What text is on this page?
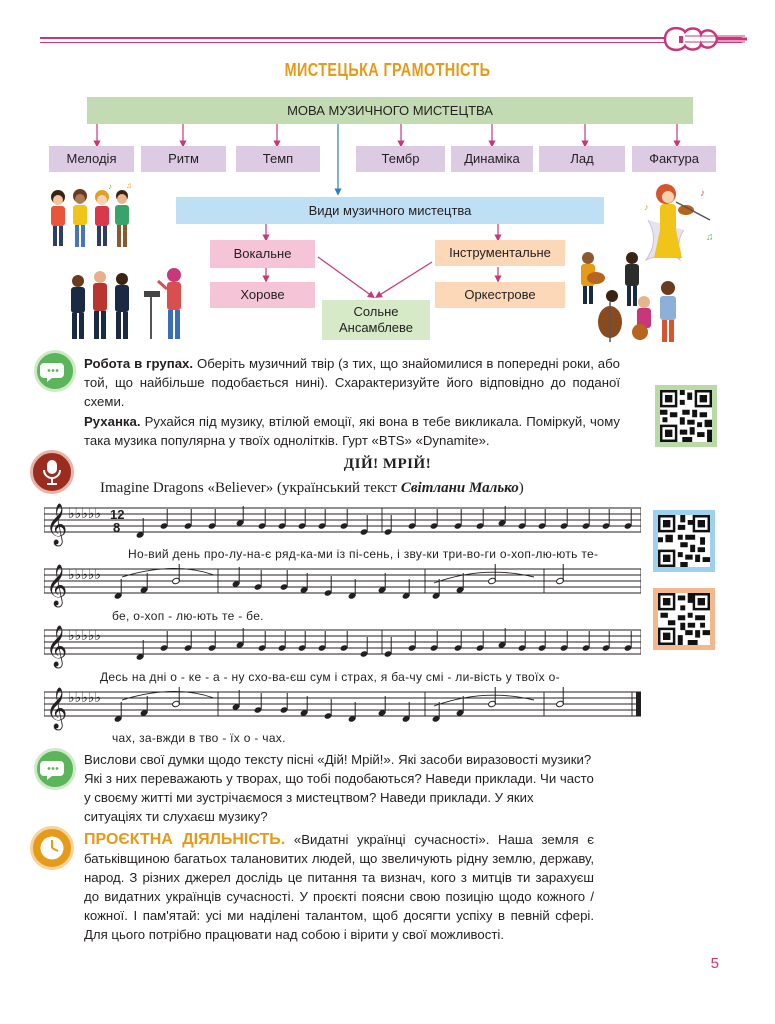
МИСТЕЦЬКА ГРАМОТНІСТЬ
МОВА МУЗИЧНОГО МИСТЕЦТВА
Мелодія	Ритм	Темп	Тембр	Динаміка	Лад	Фактура
Види музичного мистецтва
Вокальне	Інструментальне
Хорове
Сольне
Ансамблеве
Оркестрове
♪ ♫
♪
♫
♪
Робота в групах. Оберіть музичний твір (з тих, що знайомилися в попередні роки, або той, що найбільше подобається нині). Схарактеризуйте його відповідно до поданої схеми.
Руханка. Рухайся під музику, втілюй емоції, які вона в тебе викликала. Поміркуй, чому така музика популярна у твоїх однолітків. Гурт «BTS» «Dynamite».
ДІЙ! МРІЙ!
Imagine Dragons «Believer» (український текст Світлани Малько)
𝄞 ♭♭♭♭♭ 12
8
Но-вий день про-лу-на-є ряд-ка-ми із пі-сень, і зву-ки три-во-ги о-хоп-лю-ють те-
𝄞 ♭♭♭♭♭
бе, о-хоп - лю-ють те - бе.
𝄞 ♭♭♭♭♭
Десь на дні о - ке - а - ну схо-ва-єш сум і страх, я ба-чу смі - ли-вість у твоїх о-
𝄞 ♭♭♭♭♭
чах, за-вжди в тво - їх о - чах.
Вислови свої думки щодо тексту пісні «Дій! Мрій!». Які засоби виразовості музики? Які з них переважають у творах, що тобі подобаються? Наведи приклади. Чи часто у своєму житті ми зустрічаємося з мистецтвом? Наведи приклади. У яких ситуаціях ти слухаєш музику?
ПРОЄКТНА ДІЯЛЬНІСТЬ. «Видатні українці сучасності». Наша земля є батьківщиною багатьох талановитих людей, що звеличують рідну землю, державу, народ. З різних джерел дослідь це питання та визнач, кого з митців ти зарахуєш до видатних українців сучасності. У проєкті поясни свою позицію щодо кожного /кожної. І пам'ятай: усі ми наділені талантом, щоб досягти успіху в певній сфері. Для цього потрібно працювати над собою і вірити у свої можливості.
5
